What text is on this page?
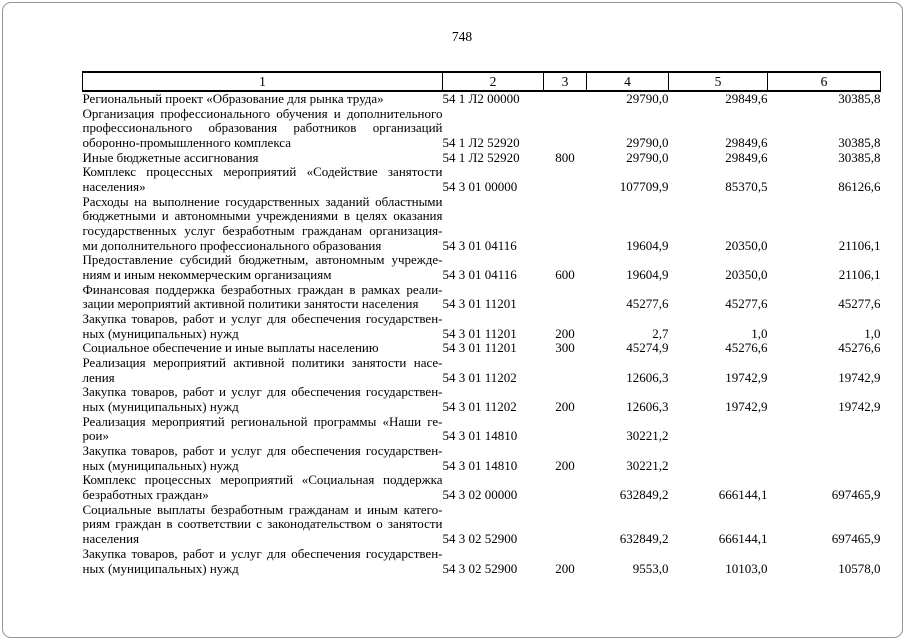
748
1	2	3	4	5	6

Региональный проект «Образование для рынка труда»	54 1 Л2 00000		29790,0	29849,6	30385,8

Организация профессионального обучения и дополнительного
профессионального образования работников организаций
оборонно-промышленного комплекса	54 1 Л2 52920		29790,0	29849,6	30385,8

Иные бюджетные ассигнования	54 1 Л2 52920	800	29790,0	29849,6	30385,8

Комплекс процессных мероприятий «Содействие занятости
населения»	54 3 01 00000		107709,9	85370,5	86126,6

Расходы на выполнение государственных заданий областными
бюджетными и автономными учреждениями в целях оказания
государственных услуг безработным гражданам организация-
ми дополнительного профессионального образования	54 3 01 04116		19604,9	20350,0	21106,1

Предоставление субсидий бюджетным, автономным учрежде-
ниям и иным некоммерческим организациям	54 3 01 04116	600	19604,9	20350,0	21106,1

Финансовая поддержка безработных граждан в рамках реали-
зации мероприятий активной политики занятости населения	54 3 01 11201		45277,6	45277,6	45277,6

Закупка товаров, работ и услуг для обеспечения государствен-
ных (муниципальных) нужд	54 3 01 11201	200	2,7	1,0	1,0

Социальное обеспечение и иные выплаты населению	54 3 01 11201	300	45274,9	45276,6	45276,6

Реализация мероприятий активной политики занятости насе-
ления	54 3 01 11202		12606,3	19742,9	19742,9

Закупка товаров, работ и услуг для обеспечения государствен-
ных (муниципальных) нужд	54 3 01 11202	200	12606,3	19742,9	19742,9

Реализация мероприятий региональной программы «Наши ге-
рои»	54 3 01 14810		30221,2		

Закупка товаров, работ и услуг для обеспечения государствен-
ных (муниципальных) нужд	54 3 01 14810	200	30221,2		

Комплекс процессных мероприятий «Социальная поддержка
безработных граждан»	54 3 02 00000		632849,2	666144,1	697465,9

Социальные выплаты безработным гражданам и иным катего-
риям граждан в соответствии с законодательством о занятости
населения	54 3 02 52900		632849,2	666144,1	697465,9

Закупка товаров, работ и услуг для обеспечения государствен-
ных (муниципальных) нужд	54 3 02 52900	200	9553,0	10103,0	10578,0
